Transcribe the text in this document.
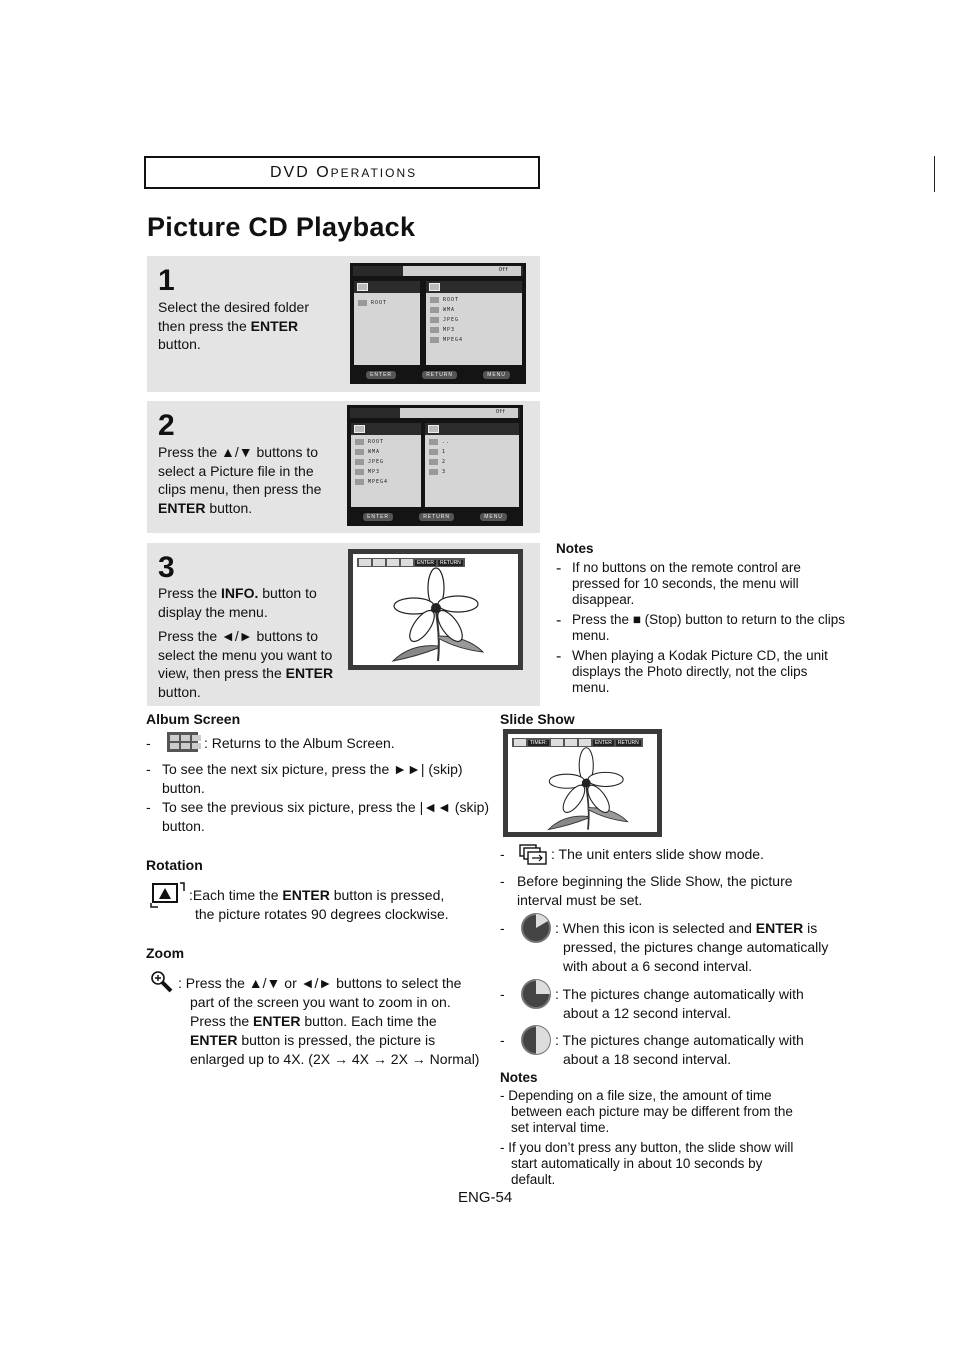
DVD O PERATIONS
Picture CD Playback
1
Select the desired folder
then press the ENTER
button.
Off
ROOT	ROOT
WMA
JPEG
MP3
MPEG4
ENTER	RETURN	MENU
2
Press the ▲/▼ buttons to
select a Picture file in the
clips menu, then press the
ENTER button.
Off
ROOT
WMA
JPEG
MP3
MPEG4
..
1
2
3
ENTER	RETURN	MENU
3
Press the INFO. button to
display the menu.
Press the ◄/► buttons to
select the menu you want to
view, then press the ENTER
button.
ENTER	RETURN
Notes
- If no buttons on the remote control are pressed for 10 seconds, the menu will disappear.
- Press the ■ (Stop) button to return to the clips menu.
- When playing a Kodak Picture CD, the unit displays the Photo directly, not the clips menu.
Album Screen
-	: Returns to the Album Screen.
- To see the next six picture, press the ►►| (skip)
button.
- To see the previous six picture, press the |◄◄ (skip)
button.
Rotation
:Each time the ENTER button is pressed,
the picture rotates 90 degrees clockwise.
Zoom
: Press the ▲/▼ or ◄/► buttons to select the
part of the screen you want to zoom in on.
Press the ENTER button. Each time the
ENTER button is pressed, the picture is
enlarged up to 4X. (2X → 4X → 2X → Normal)
Slide Show
TIMER:	ENTER	RETURN
-	: The unit enters slide show mode.
- Before beginning the Slide Show, the picture
interval must be set.
-	: When this icon is selected and ENTER is
pressed, the pictures change automatically
with about a 6 second interval.
-	: The pictures change automatically with
about a 12 second interval.
-	: The pictures change automatically with
about a 18 second interval.
Notes
- Depending on a file size, the amount of time
between each picture may be different from the
set interval time.
- If you don’t press any button, the slide show will
start automatically in about 10 seconds by
default.
ENG-54
